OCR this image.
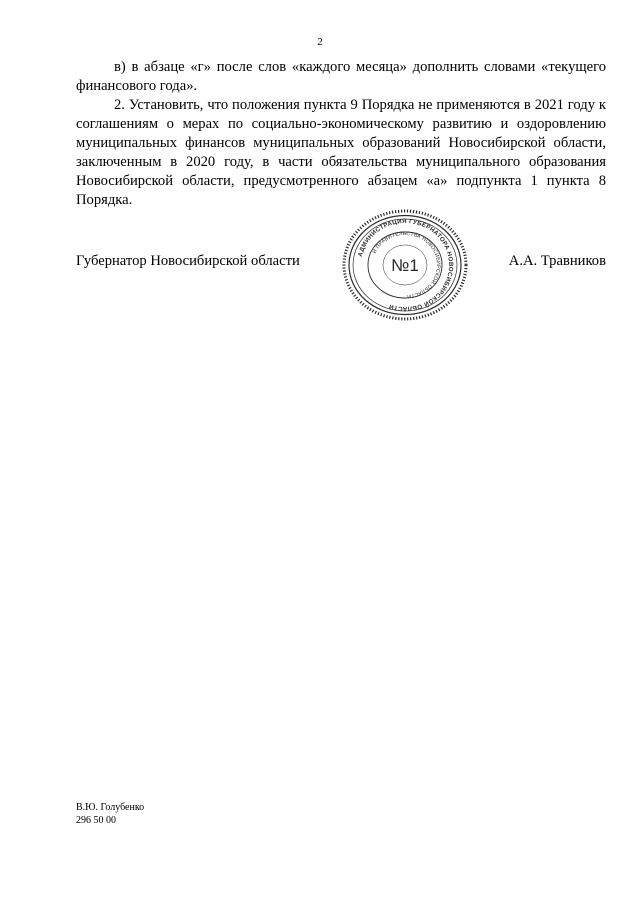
2

в) в абзаце «г» после слов «каждого месяца» дополнить словами «текущего финансового года».

2. Установить, что положения пункта 9 Порядка не применяются в 2021 году к соглашениям о мерах по социально-экономическому развитию и оздоровлению муниципальных финансов муниципальных образований Новосибирской области, заключенным в 2020 году, в части обязательства муниципального образования Новосибирской области, предусмотренного абзацем «а» подпункта 1 пункта 8 Порядка.

Губернатор Новосибирской области	А.А. Травников
АДМИНИСТРАЦИЯ ГУБЕРНАТОРА НОВОСИБИРСКОЙ ОБЛАСТИ
И ПРАВИТЕЛЬСТВА НОВОСИБИРСКОЙ ОБЛАСТИ
№1
В.Ю. Голубенко
296 50 00
